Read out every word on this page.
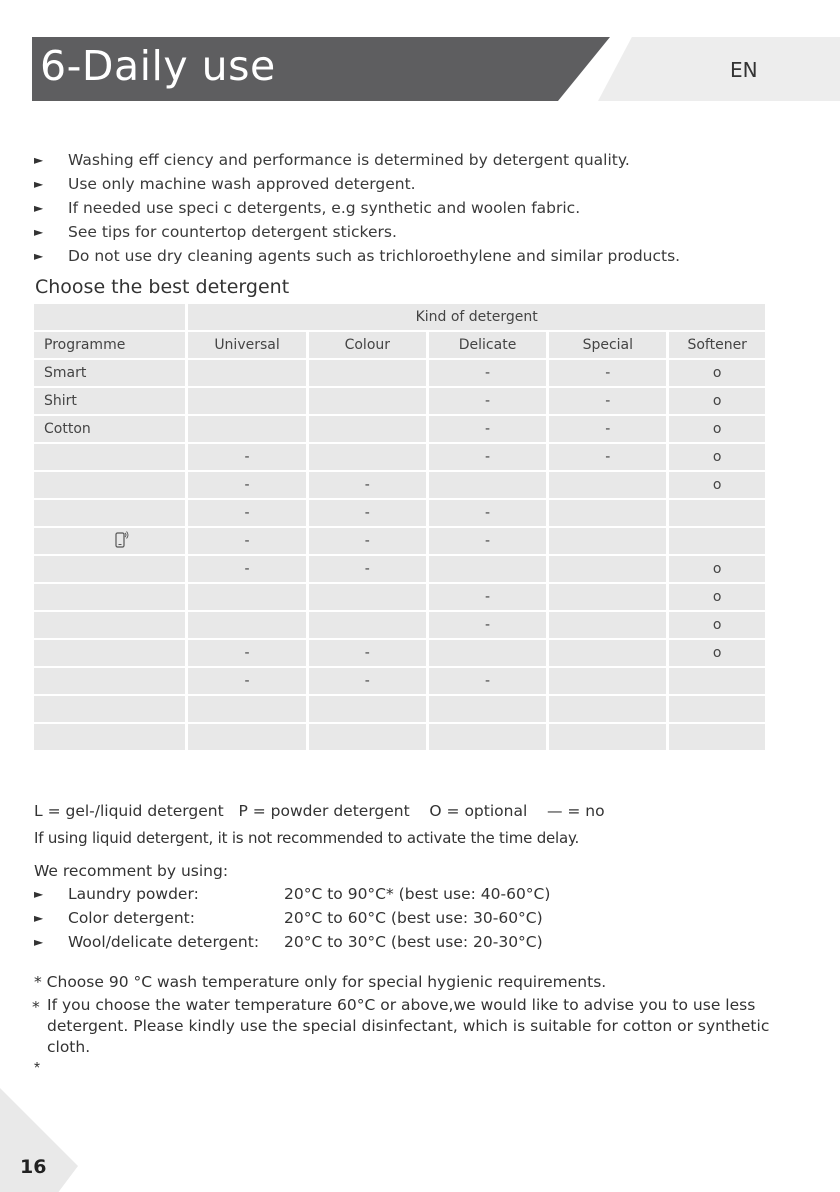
6-Daily use	EN
► Washing eff ciency and performance is determined by detergent quality.
► Use only machine wash approved detergent.
► If needed use speci c detergents, e.g synthetic and woolen fabric.
► See tips for countertop detergent stickers.
► Do not use dry cleaning agents such as trichloroethylene and similar products.
Choose the best detergent
	Kind of detergent				
Programme	Universal	Colour	Delicate	Special	Softener
Smart			-	-	o
Shirt			-	-	o
Cotton			-	-	o
	-		-	-	o
	-	-			o
	-	-	-		
	-	-	-		
	-	-			o
			-		o
			-		o
	-	-			o
	-	-	-		

L = gel-/liquid detergent   P = powder detergent    O = optional    — = no
If using liquid detergent, it is not recommended to activate the time delay.
We recomment by using:
► Laundry powder:	20°C to 90°C* (best use: 40-60°C)
► Color detergent:	20°C to 60°C (best use: 30-60°C)
► Wool/delicate detergent: 20°C to 30°C (best use: 20-30°C)
* Choose 90 °C wash temperature only for special hygienic requirements.
* If you choose the water temperature 60°C or above,we would like to advise you to use less detergent. Please kindly use the special disinfectant, which is suitable for cotton or synthetic cloth.
*
16
